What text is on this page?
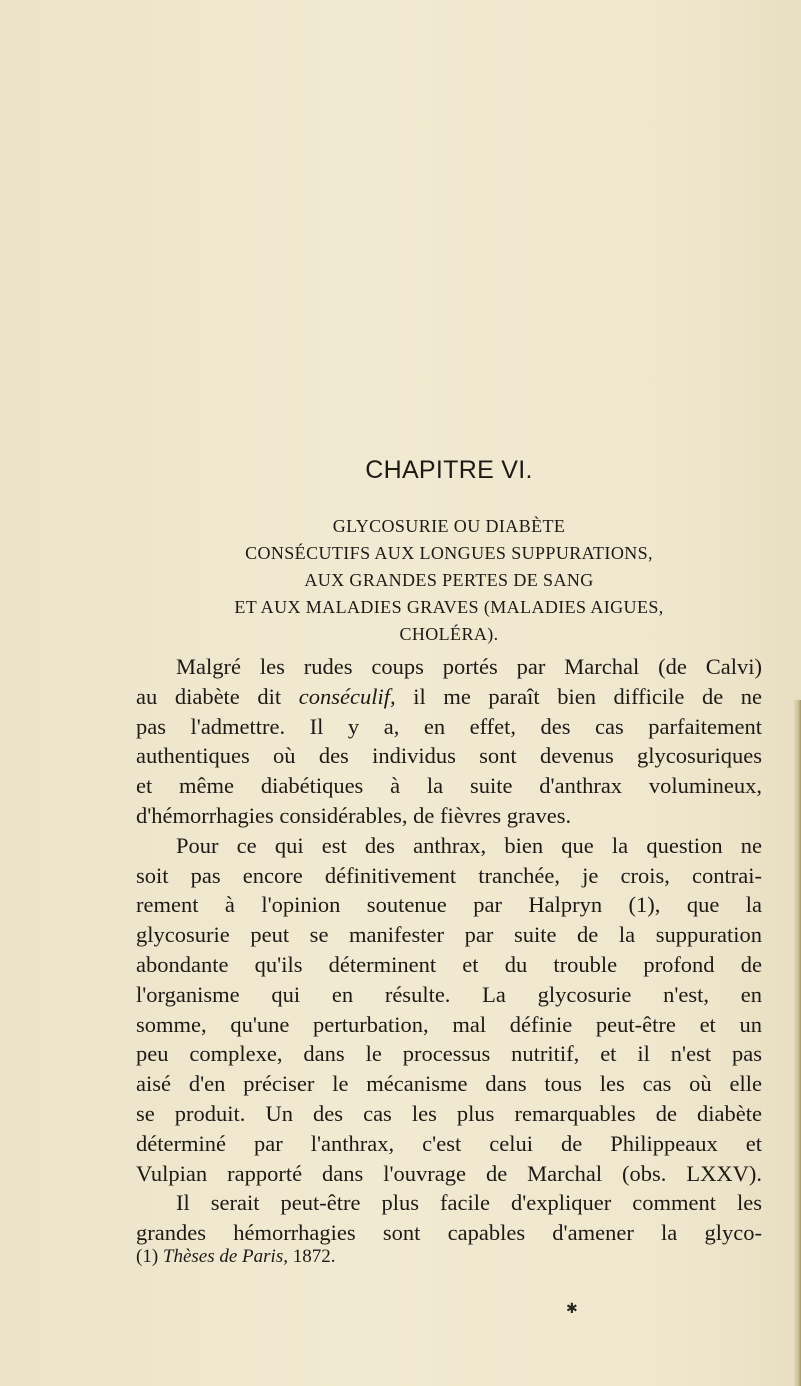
CHAPITRE VI.
GLYCOSURIE OU DIABÈTE
CONSÉCUTIFS AUX LONGUES SUPPURATIONS,
AUX GRANDES PERTES DE SANG
ET AUX MALADIES GRAVES (MALADIES AIGUES,
CHOLÉRA).
Malgré les rudes coups portés par Marchal (de Calvi)
au diabète dit conséculif, il me paraît bien difficile de ne
pas l'admettre. Il y a, en effet, des cas parfaitement
authentiques où des individus sont devenus glycosuriques
et même diabétiques à la suite d'anthrax volumineux,
d'hémorrhagies considérables, de fièvres graves.
Pour ce qui est des anthrax, bien que la question ne
soit pas encore définitivement tranchée, je crois, contrai-
rement à l'opinion soutenue par Halpryn (1), que la
glycosurie peut se manifester par suite de la suppuration
abondante qu'ils déterminent et du trouble profond de
l'organisme qui en résulte. La glycosurie n'est, en
somme, qu'une perturbation, mal définie peut-être et un
peu complexe, dans le processus nutritif, et il n'est pas
aisé d'en préciser le mécanisme dans tous les cas où elle
se produit. Un des cas les plus remarquables de diabète
déterminé par l'anthrax, c'est celui de Philippeaux et
Vulpian rapporté dans l'ouvrage de Marchal (obs. LXXV).
Il serait peut-être plus facile d'expliquer comment les
grandes hémorrhagies sont capables d'amener la glyco-
(1) Thèses de Paris, 1872.
✱
